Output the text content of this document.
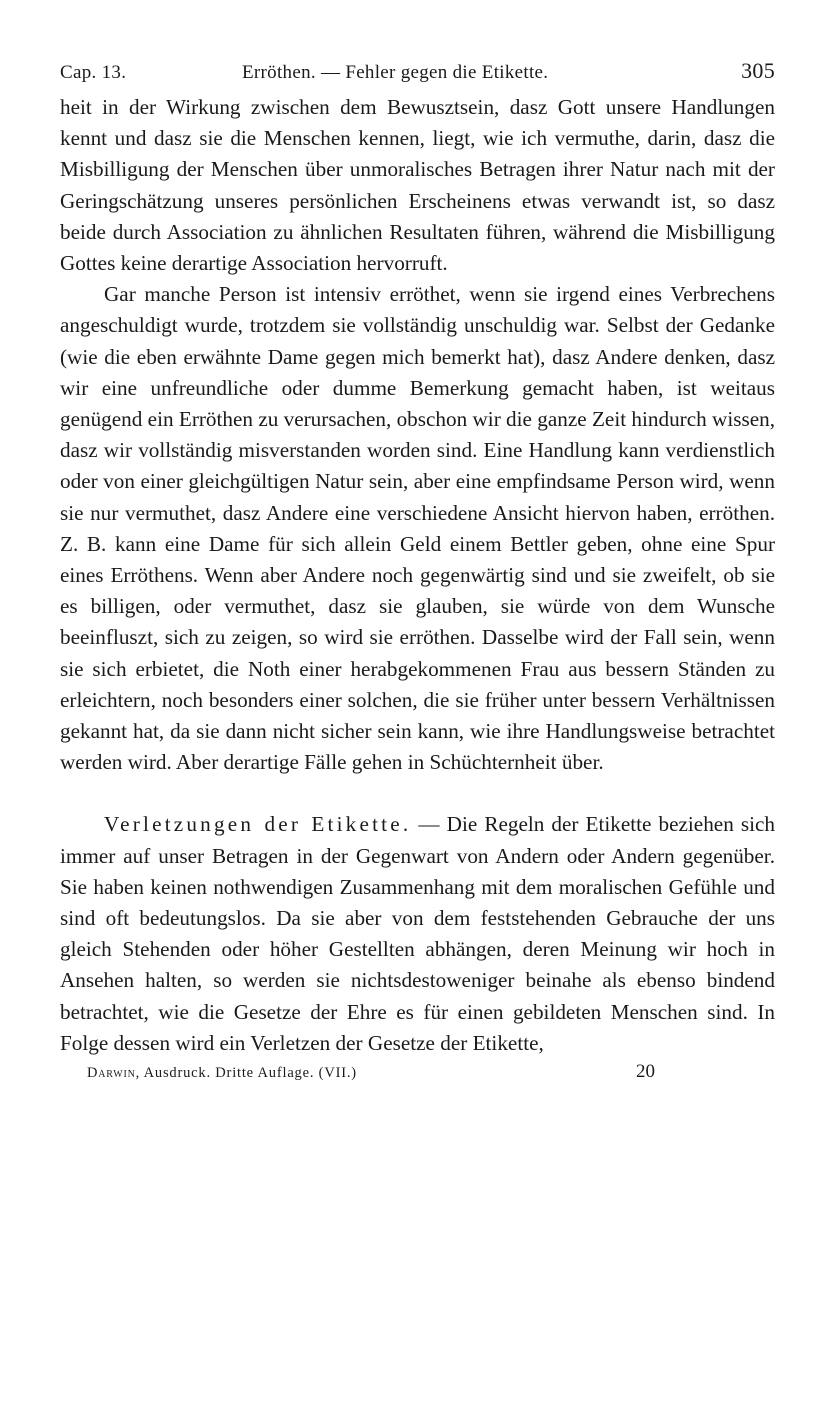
Cap. 13.	Erröthen. — Fehler gegen die Etikette.	305

heit in der Wirkung zwischen dem Bewusztsein, dasz Gott unsere Handlungen kennt und dasz sie die Menschen kennen, liegt, wie ich vermuthe, darin, dasz die Misbilligung der Menschen über unmoralisches Betragen ihrer Natur nach mit der Geringschätzung unseres persönlichen Erscheinens etwas verwandt ist, so dasz beide durch Association zu ähnlichen Resultaten führen, während die Misbilligung Gottes keine derartige Association hervorruft.

Gar manche Person ist intensiv erröthet, wenn sie irgend eines Verbrechens angeschuldigt wurde, trotzdem sie vollständig unschuldig war. Selbst der Gedanke (wie die eben erwähnte Dame gegen mich bemerkt hat), dasz Andere denken, dasz wir eine unfreundliche oder dumme Bemerkung gemacht haben, ist weitaus genügend ein Erröthen zu verursachen, obschon wir die ganze Zeit hindurch wissen, dasz wir vollständig misverstanden worden sind. Eine Handlung kann verdienstlich oder von einer gleichgültigen Natur sein, aber eine empfindsame Person wird, wenn sie nur vermuthet, dasz Andere eine verschiedene Ansicht hiervon haben, erröthen. Z. B. kann eine Dame für sich allein Geld einem Bettler geben, ohne eine Spur eines Erröthens. Wenn aber Andere noch gegenwärtig sind und sie zweifelt, ob sie es billigen, oder vermuthet, dasz sie glauben, sie würde von dem Wunsche beeinfluszt, sich zu zeigen, so wird sie erröthen. Dasselbe wird der Fall sein, wenn sie sich erbietet, die Noth einer herabgekommenen Frau aus bessern Ständen zu erleichtern, noch besonders einer solchen, die sie früher unter bessern Verhältnissen gekannt hat, da sie dann nicht sicher sein kann, wie ihre Handlungsweise betrachtet werden wird. Aber derartige Fälle gehen in Schüchternheit über.

Verletzungen der Etikette. — Die Regeln der Etikette beziehen sich immer auf unser Betragen in der Gegenwart von Andern oder Andern gegenüber. Sie haben keinen nothwendigen Zusammenhang mit dem moralischen Gefühle und sind oft bedeutungslos. Da sie aber von dem feststehenden Gebrauche der uns gleich Stehenden oder höher Gestellten abhängen, deren Meinung wir hoch in Ansehen halten, so werden sie nichtsdestoweniger beinahe als ebenso bindend betrachtet, wie die Gesetze der Ehre es für einen gebildeten Menschen sind. In Folge dessen wird ein Verletzen der Gesetze der Etikette,

Darwin, Ausdruck. Dritte Auflage. (VII.)	20
